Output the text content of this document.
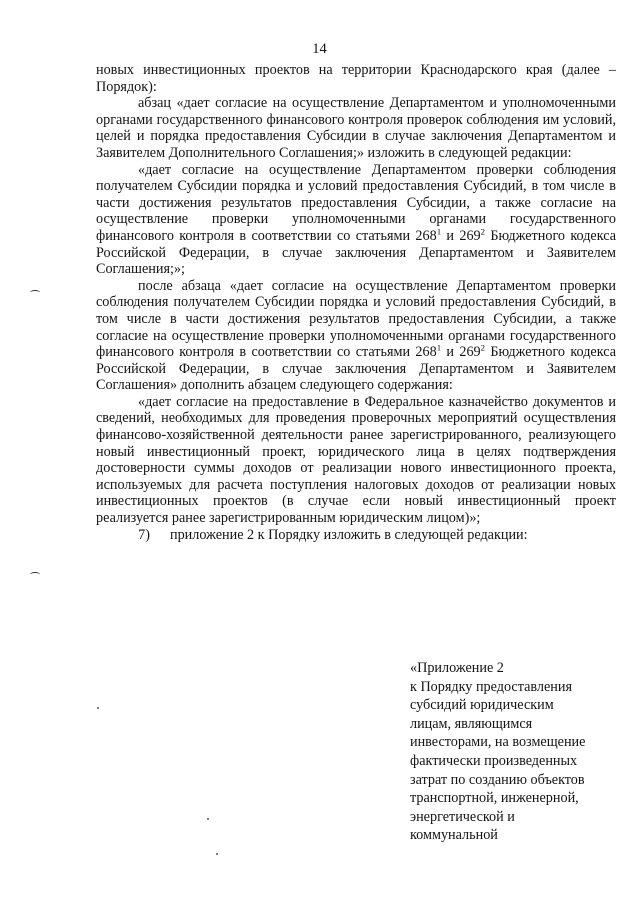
14

новых инвестиционных проектов на территории Краснодарского края (далее – Порядок):

абзац «дает согласие на осуществление Департаментом и уполномоченными органами государственного финансового контроля проверок соблюдения им условий, целей и порядка предоставления Субсидии в случае заключения Департаментом и Заявителем Дополнительного Соглашения;» изложить в следующей редакции:

«дает согласие на осуществление Департаментом проверки соблюдения получателем Субсидии порядка и условий предоставления Субсидий, в том числе в части достижения результатов предоставления Субсидии, а также согласие на осуществление проверки уполномоченными органами государственного финансового контроля в соответствии со статьями $268^1$ и $269^2$ Бюджетного кодекса Российской Федерации, в случае заключения Департаментом и Заявителем Соглашения;»;

после абзаца «дает согласие на осуществление Департаментом проверки соблюдения получателем Субсидии порядка и условий предоставления Субсидий, в том числе в части достижения результатов предоставления Субсидии, а также согласие на осуществление проверки уполномоченными органами государственного финансового контроля в соответствии со статьями $268^1$ и $269^2$ Бюджетного кодекса Российской Федерации, в случае заключения Департаментом и Заявителем Соглашения» дополнить абзацем следующего содержания:

«дает согласие на предоставление в Федеральное казначейство документов и сведений, необходимых для проведения проверочных мероприятий осуществления финансово-хозяйственной деятельности ранее зарегистрированного, реализующего новый инвестиционный проект, юридического лица в целях подтверждения достоверности суммы доходов от реализации нового инвестиционного проекта, используемых для расчета поступления налоговых доходов от реализации новых инвестиционных проектов (в случае если новый инвестиционный проект реализуется ранее зарегистрированным юридическим лицом)»;

7)	приложение 2 к Порядку изложить в следующей редакции:

«Приложение 2
к Порядку предоставления
субсидий юридическим
лицам, являющимся
инвесторами, на возмещение
фактически произведенных
затрат по созданию объектов
транспортной, инженерной,
энергетической и
коммунальной
